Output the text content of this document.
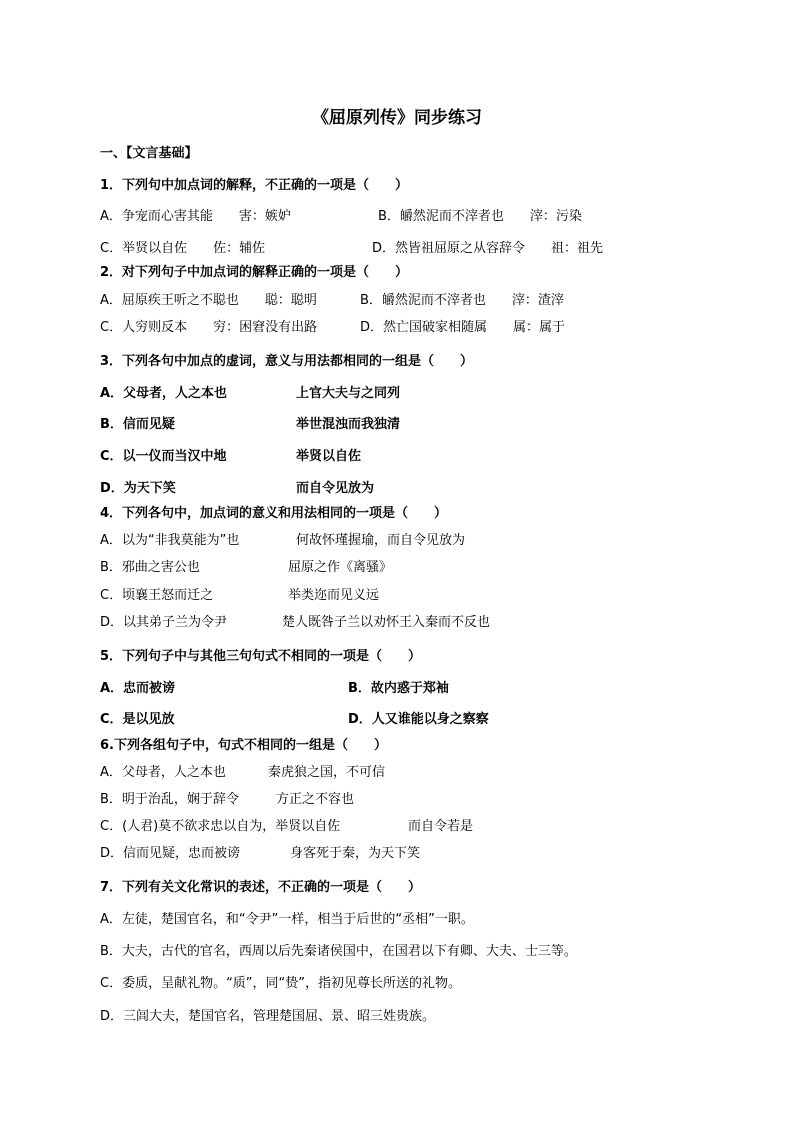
《屈原列传》同步练习
一、【文言基础】
1．下列句中加点词的解释，不正确的一项是（　　）
A．争宠而心害其能　　害：嫉妒	B．皭然泥而不滓者也　　滓：污染
C．举贤以自佐　　佐：辅佐	D．然皆祖屈原之从容辞令　　祖：祖先
2．对下列句子中加点词的解释正确的一项是（　　）
A．屈原疾王听之不聪也　　聪：聪明	B．皭然泥而不滓者也　　滓：渣滓
C．人穷则反本　　穷：困窘没有出路	D．然亡国破家相随属　　属：属于
3．下列各句中加点的虚词，意义与用法都相同的一组是（　　）
A．父母者，人之本也	上官大夫与之同列
B．信而见疑	举世混浊而我独清
C．以一仪而当汉中地	举贤以自佐
D．为天下笑	而自令见放为
4．下列各句中，加点词的意义和用法相同的一项是（　　）
A．以为“非我莫能为”也	何故怀瑾握瑜，而自令见放为
B．邪曲之害公也	屈原之作《离骚》
C．顷襄王怒而迁之	举类迩而见义远
D．以其弟子兰为令尹	楚人既咎子兰以劝怀王入秦而不反也
5．下列句子中与其他三句句式不相同的一项是（　　）
A．忠而被谤	B．故内惑于郑袖
C．是以见放	D．人又谁能以身之察察
6.下列各组句子中，句式不相同的一组是（　　）
A．父母者，人之本也	秦虎狼之国，不可信
B．明于治乱，娴于辞令	方正之不容也
C．(人君)莫不欲求忠以自为，举贤以自佐	而自令若是
D．信而见疑，忠而被谤	身客死于秦，为天下笑
7．下列有关文化常识的表述，不正确的一项是（　　）
A．左徒，楚国官名，和“令尹”一样，相当于后世的“丞相”一职。
B．大夫，古代的官名，西周以后先秦诸侯国中，在国君以下有卿、大夫、士三等。
C．委质，呈献礼物。“质”，同“贽”，指初见尊长所送的礼物。
D．三闾大夫，楚国官名，管理楚国屈、景、昭三姓贵族。
